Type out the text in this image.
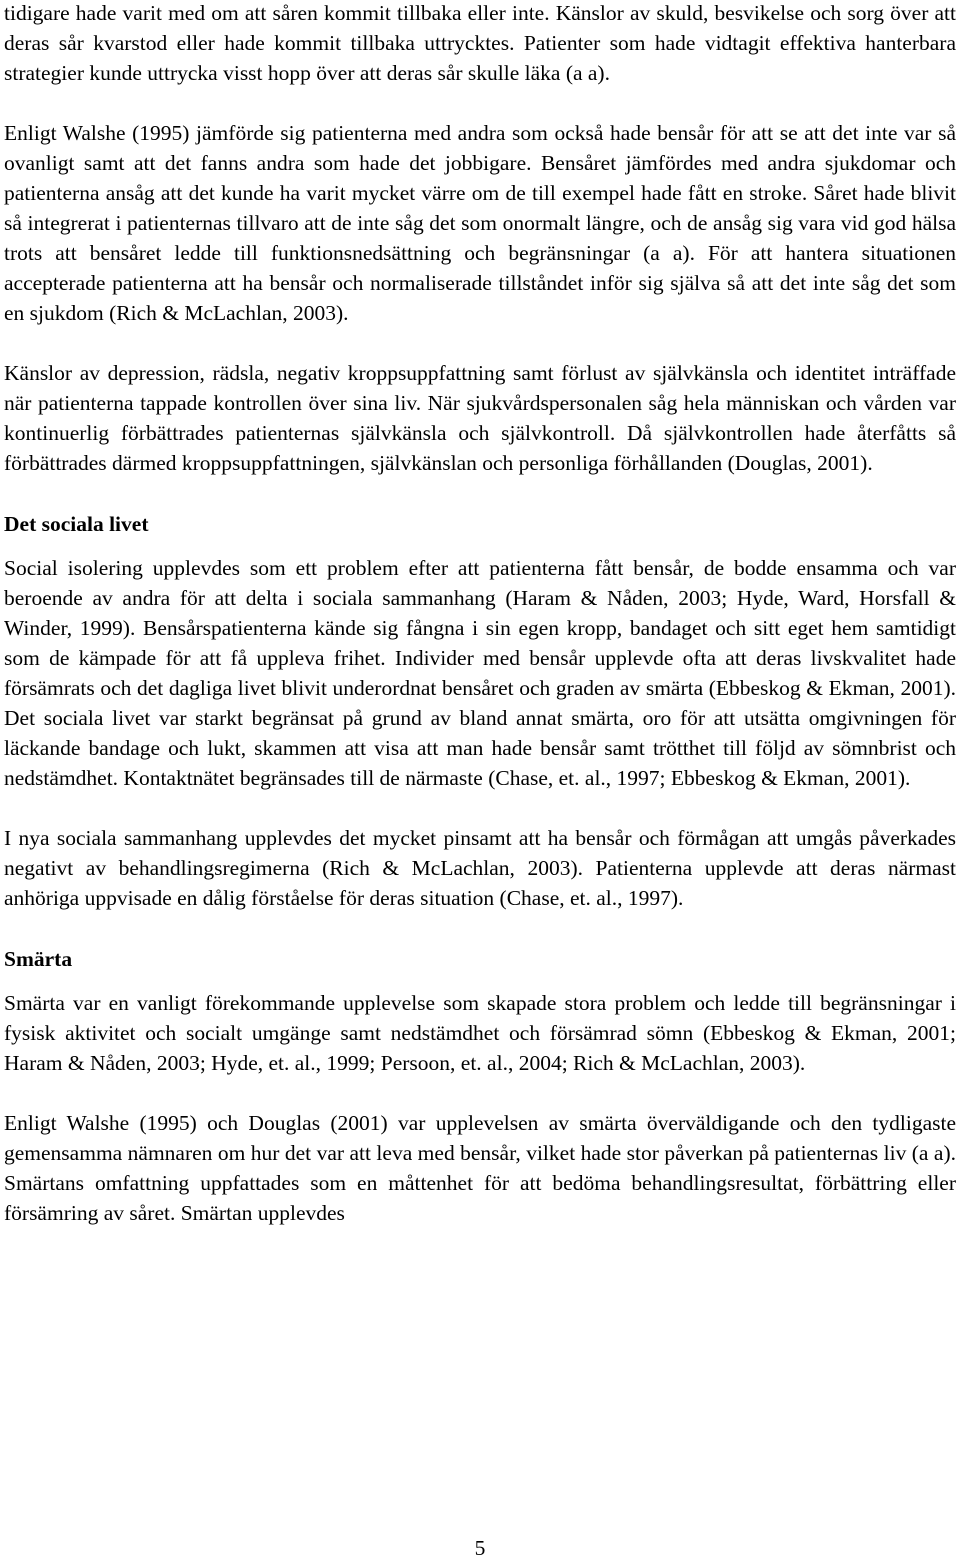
tidigare hade varit med om att såren kommit tillbaka eller inte. Känslor av skuld, besvikelse och sorg över att deras sår kvarstod eller hade kommit tillbaka uttrycktes. Patienter som hade vidtagit effektiva hanterbara strategier kunde uttrycka visst hopp över att deras sår skulle läka (a a).

Enligt Walshe (1995) jämförde sig patienterna med andra som också hade bensår för att se att det inte var så ovanligt samt att det fanns andra som hade det jobbigare. Bensåret jämfördes med andra sjukdomar och patienterna ansåg att det kunde ha varit mycket värre om de till exempel hade fått en stroke. Såret hade blivit så integrerat i patienternas tillvaro att de inte såg det som onormalt längre, och de ansåg sig vara vid god hälsa trots att bensåret ledde till funktionsnedsättning och begränsningar (a a). För att hantera situationen accepterade patienterna att ha bensår och normaliserade tillståndet inför sig själva så att det inte såg det som en sjukdom (Rich & McLachlan, 2003).

Känslor av depression, rädsla, negativ kroppsuppfattning samt förlust av självkänsla och identitet inträffade när patienterna tappade kontrollen över sina liv. När sjukvårdspersonalen såg hela människan och vården var kontinuerlig förbättrades patienternas självkänsla och självkontroll. Då självkontrollen hade återfåtts så förbättrades därmed kroppsuppfattningen, självkänslan och personliga förhållanden (Douglas, 2001).

Det sociala livet

Social isolering upplevdes som ett problem efter att patienterna fått bensår, de bodde ensamma och var beroende av andra för att delta i sociala sammanhang (Haram & Nåden, 2003; Hyde, Ward, Horsfall & Winder, 1999). Bensårspatienterna kände sig fångna i sin egen kropp, bandaget och sitt eget hem samtidigt som de kämpade för att få uppleva frihet. Individer med bensår upplevde ofta att deras livskvalitet hade försämrats och det dagliga livet blivit underordnat bensåret och graden av smärta (Ebbeskog & Ekman, 2001). Det sociala livet var starkt begränsat på grund av bland annat smärta, oro för att utsätta omgivningen för läckande bandage och lukt, skammen att visa att man hade bensår samt trötthet till följd av sömnbrist och nedstämdhet. Kontaktnätet begränsades till de närmaste (Chase, et. al., 1997; Ebbeskog & Ekman, 2001).

I nya sociala sammanhang upplevdes det mycket pinsamt att ha bensår och förmågan att umgås påverkades negativt av behandlingsregimerna (Rich & McLachlan, 2003). Patienterna upplevde att deras närmast anhöriga uppvisade en dålig förståelse för deras situation (Chase, et. al., 1997).

Smärta

Smärta var en vanligt förekommande upplevelse som skapade stora problem och ledde till begränsningar i fysisk aktivitet och socialt umgänge samt nedstämdhet och försämrad sömn (Ebbeskog & Ekman, 2001; Haram & Nåden, 2003; Hyde, et. al., 1999; Persoon, et. al., 2004; Rich & McLachlan, 2003).

Enligt Walshe (1995) och Douglas (2001) var upplevelsen av smärta överväldigande och den tydligaste gemensamma nämnaren om hur det var att leva med bensår, vilket hade stor påverkan på patienternas liv (a a). Smärtans omfattning uppfattades som en måttenhet för att bedöma behandlingsresultat, förbättring eller försämring av såret. Smärtan upplevdes

5
